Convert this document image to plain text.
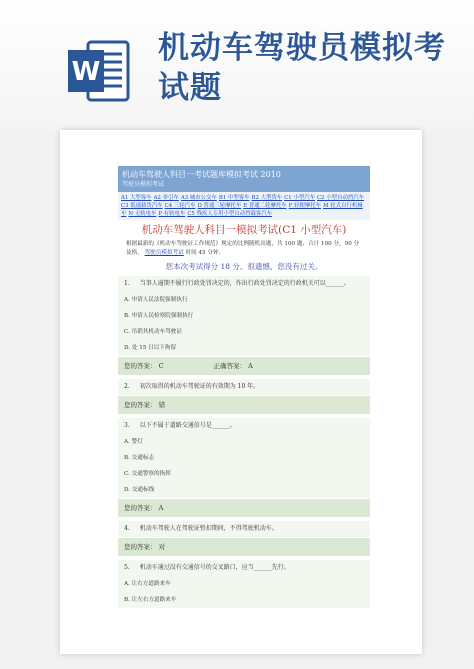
W
机动车驾驶员模拟考试题
机动车驾驶人科目一考试题库模拟考试 2010
驾驶员模拟考试
A1 大型客车 A2 牵引车 A3 城市公交车 B1 中型客车 B2 大型货车 C1 小型汽车 C2 小型自动挡汽车C3 低速载货汽车 C4 三轮汽车 D 普通三轮摩托车 E 普通二轮摩托车 F 轻便摩托车 M 轮式自行机械车 N 无轨电车 P 有轨电车 C5 残疾人专用小型自动挡载客汽车
机动车驾驶人科目一模拟考试(C1 小型汽车)
根据最新的《机动车驾驶证工作规范》规定的比例随机出题，共 100 题，合计 100 分，90 分及格。 驾驶员模拟考试 时间 45 分钟。
您本次考试得分 18 分。很遗憾，您没有过关。
1. 当事人逾期不履行行政处罚决定的，作出行政处罚决定的行政机关可以______。
A. 申请人民法院强制执行
B. 申请人民检察院强制执行
C. 吊销其机动车驾驶证
D. 处 15 日以下拘留
您的答案： C	正确答案： A
2. 初次取得的机动车驾驶证的有效期为 10 年。
您的答案： 错
3. 以下不属于道路交通信号是______。
A. 警灯
B. 交通标志
C. 交通警察的指挥
D. 交通标线
您的答案： A
4. 机动车驾驶人在驾驶证暂扣期间，不得驾驶机动车。
您的答案： 对
5. 机动车通过没有交通信号的交叉路口，应当______先行。
A. 让右方道路来车
B. 让左右方道路来车
